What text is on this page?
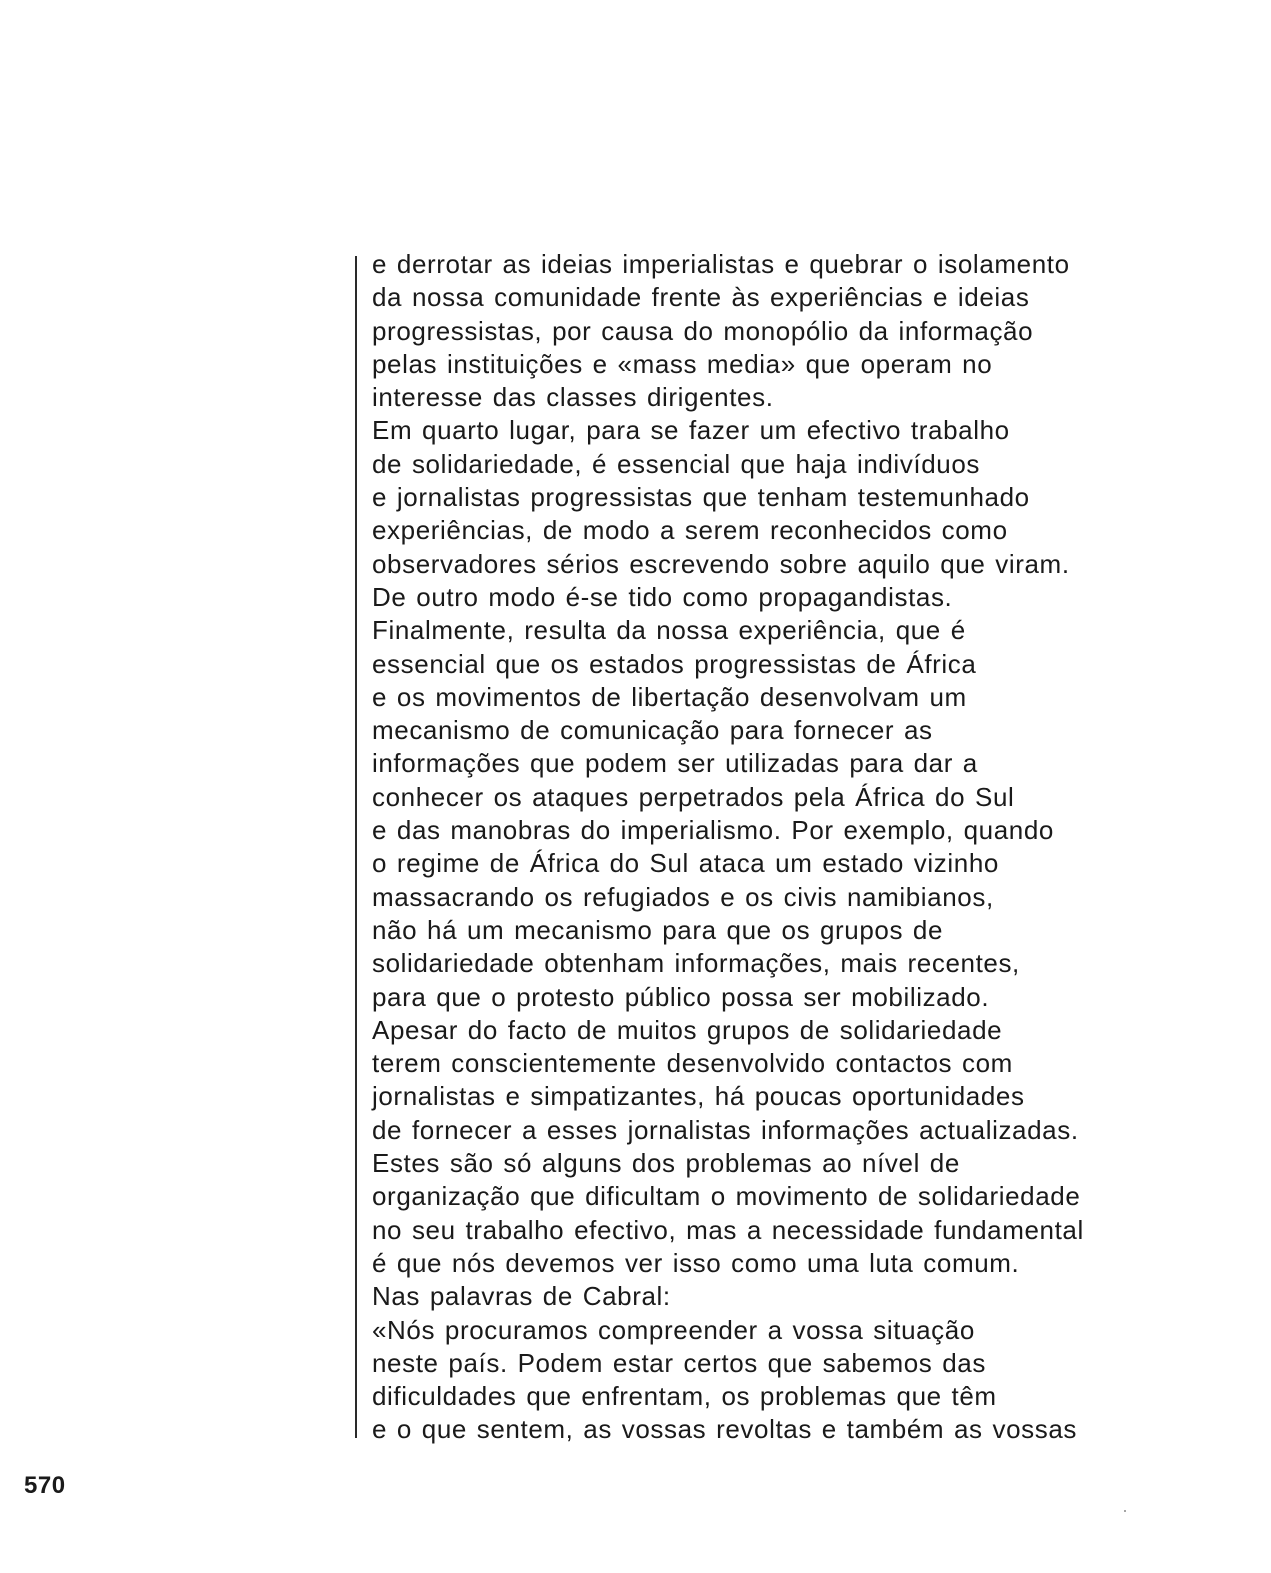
e derrotar as ideias imperialistas e quebrar o isolamento
da nossa comunidade frente às experiências e ideias
progressistas, por causa do monopólio da informação
pelas instituições e «mass media» que operam no
interesse das classes dirigentes.
Em quarto lugar, para se fazer um efectivo trabalho
de solidariedade, é essencial que haja indivíduos
e jornalistas progressistas que tenham testemunhado
experiências, de modo a serem reconhecidos como
observadores sérios escrevendo sobre aquilo que viram.
De outro modo é-se tido como propagandistas.
Finalmente, resulta da nossa experiência, que é
essencial que os estados progressistas de África
e os movimentos de libertação desenvolvam um
mecanismo de comunicação para fornecer as
informações que podem ser utilizadas para dar a
conhecer os ataques perpetrados pela África do Sul
e das manobras do imperialismo. Por exemplo, quando
o regime de África do Sul ataca um estado vizinho
massacrando os refugiados e os civis namibianos,
não há um mecanismo para que os grupos de
solidariedade obtenham informações, mais recentes,
para que o protesto público possa ser mobilizado.
Apesar do facto de muitos grupos de solidariedade
terem conscientemente desenvolvido contactos com
jornalistas e simpatizantes, há poucas oportunidades
de fornecer a esses jornalistas informações actualizadas.
Estes são só alguns dos problemas ao nível de
organização que dificultam o movimento de solidariedade
no seu trabalho efectivo, mas a necessidade fundamental
é que nós devemos ver isso como uma luta comum.
Nas palavras de Cabral:
«Nós procuramos compreender a vossa situação
neste país. Podem estar certos que sabemos das
dificuldades que enfrentam, os problemas que têm
e o que sentem, as vossas revoltas e também as vossas
570
